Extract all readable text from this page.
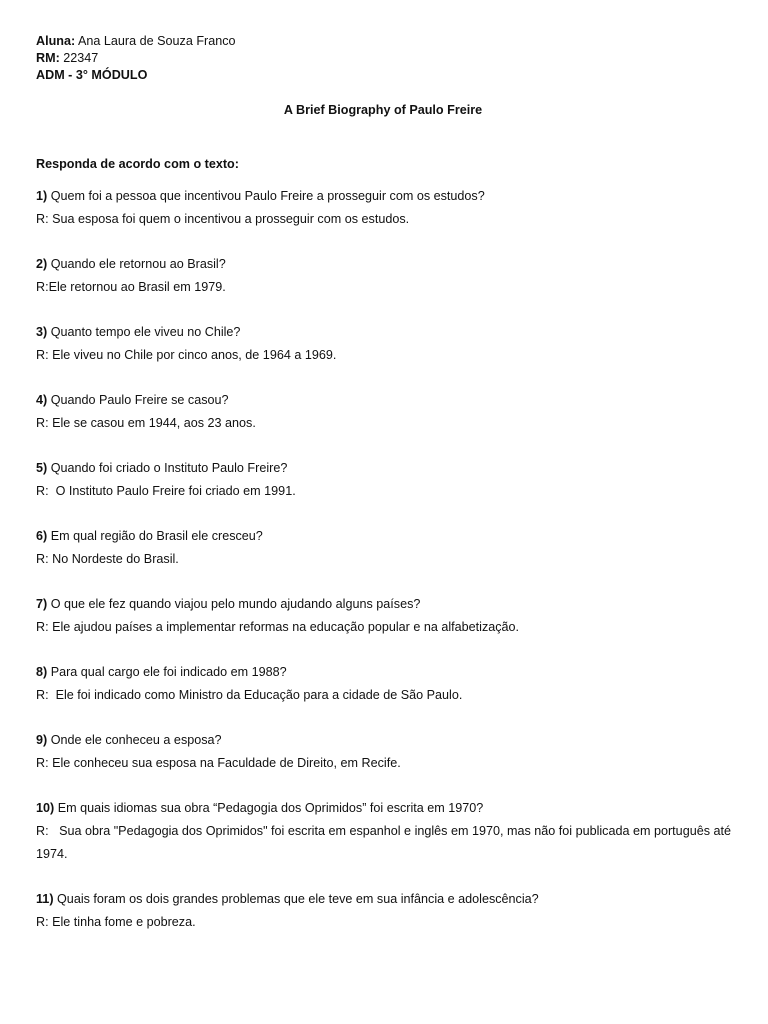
Aluna: Ana Laura de Souza Franco
RM: 22347
ADM - 3° MÓDULO
A Brief Biography of Paulo Freire
Responda de acordo com o texto:
1) Quem foi a pessoa que incentivou Paulo Freire a prosseguir com os estudos?
R: Sua esposa foi quem o incentivou a prosseguir com os estudos.
2) Quando ele retornou ao Brasil?
R:Ele retornou ao Brasil em 1979.
3) Quanto tempo ele viveu no Chile?
R: Ele viveu no Chile por cinco anos, de 1964 a 1969.
4) Quando Paulo Freire se casou?
R: Ele se casou em 1944, aos 23 anos.
5) Quando foi criado o Instituto Paulo Freire?
R:  O Instituto Paulo Freire foi criado em 1991.
6) Em qual região do Brasil ele cresceu?
R: No Nordeste do Brasil.
7) O que ele fez quando viajou pelo mundo ajudando alguns países?
R: Ele ajudou países a implementar reformas na educação popular e na alfabetização.
8) Para qual cargo ele foi indicado em 1988?
R:  Ele foi indicado como Ministro da Educação para a cidade de São Paulo.
9) Onde ele conheceu a esposa?
R: Ele conheceu sua esposa na Faculdade de Direito, em Recife.
10) Em quais idiomas sua obra “Pedagogia dos Oprimidos” foi escrita em 1970?
R:   Sua obra "Pedagogia dos Oprimidos" foi escrita em espanhol e inglês em 1970, mas não foi publicada em português até 1974.
11) Quais foram os dois grandes problemas que ele teve em sua infância e adolescência?
R: Ele tinha fome e pobreza.
